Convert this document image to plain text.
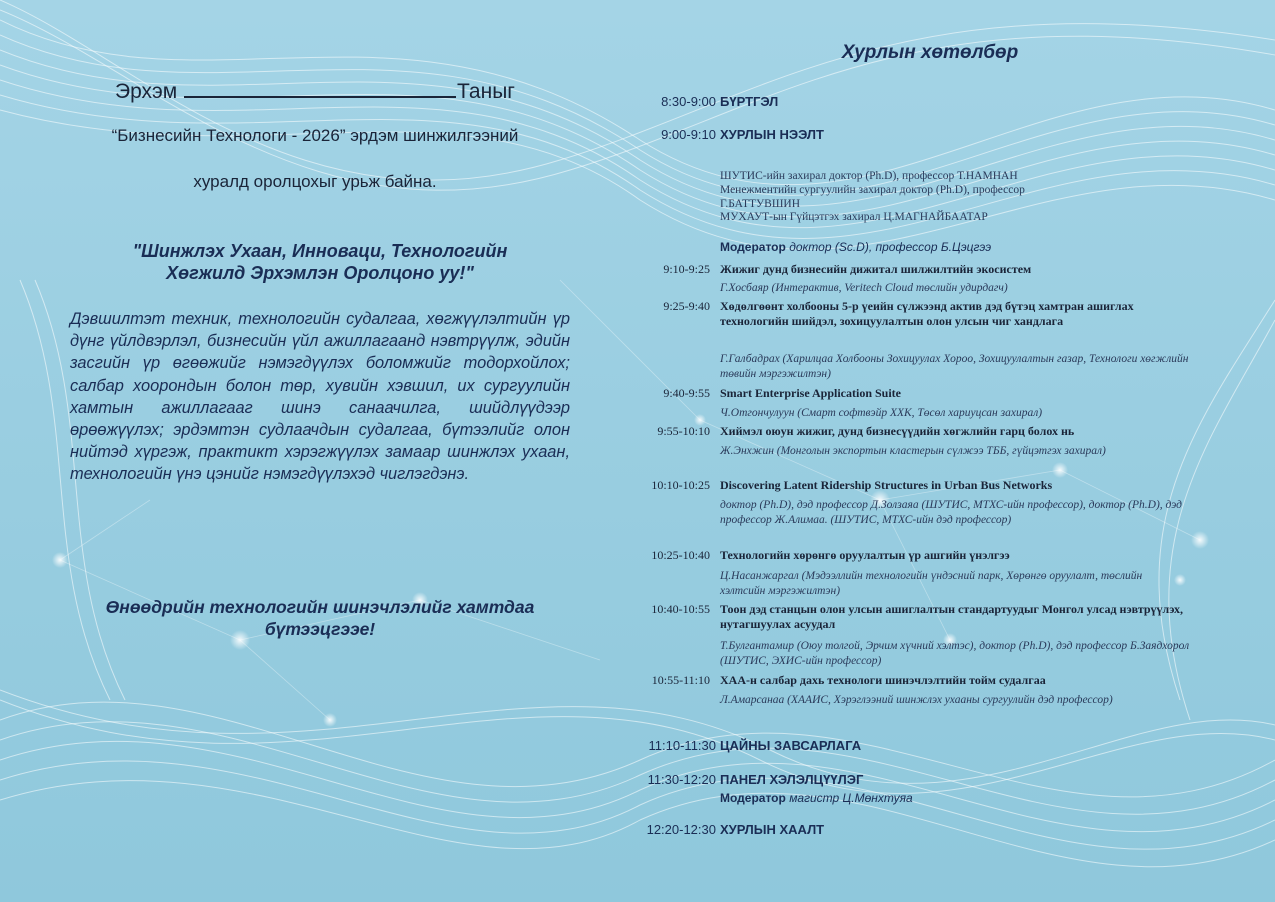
Эрхэм	Таныг
“Бизнесийн Технологи - 2026” эрдэм шинжилгээний
хуралд оролцохыг урьж байна.
"Шинжлэх Ухаан, Инноваци, Технологийн
Хөгжилд Эрхэмлэн Оролцоно уу!"
Дэвшилтэт техник, технологийн судалгаа, хөгжүүлэлтийн үр дүнг үйлдвэрлэл, бизнесийн үйл ажиллагаанд нэвтрүүлж, эдийн засгийн үр өгөөжийг нэмэгдүүлэх боломжийг тодорхойлох; салбар хоорондын болон төр, хувийн хэвшил, их сургуулийн хамтын ажиллагааг шинэ санаачилга, шийдлүүдээр өрөөжүүлэх; эрдэмтэн судлаачдын судалгаа, бүтээлийг олон нийтэд хүргэж, практикт хэрэгжүүлэх замаар шинжлэх ухаан, технологийн үнэ цэнийг нэмэгдүүлэхэд чиглэгдэнэ.
Өнөөдрийн технологийн шинэчлэлийг хамтдаа
бүтээцгээе!
Хурлын хөтөлбөр
8:30-9:00 БҮРТГЭЛ
9:00-9:10 ХУРЛЫН НЭЭЛТ
ШУТИС-ийн захирал доктор (Ph.D), профессор Т.НАМНАН
Менежментийн сургуулийн захирал доктор (Ph.D), профессор
Г.БАТТУВШИН
МУХАУТ-ын Гүйцэтгэх захирал Ц.МАГНАЙБААТАР
Модератор доктор (Sc.D), профессор Б.Цэцгээ
9:10-9:25 Жижиг дунд бизнесийн дижитал шилжилтийн экосистем
Г.Хосбаяр (Интерактив, Veritech Cloud төслийн удирдагч)
9:25-9:40 Хөдөлгөөнт холбооны 5-р үеийн сүлжээнд актив дэд бүтэц хамтран ашиглах технологийн шийдэл, зохицуулалтын олон улсын чиг хандлага
Г.Галбадрах (Харилцаа Холбооны Зохицуулах Хороо, Зохицуулалтын газар, Технологи хөгжлийн төвийн мэргэжилтэн)
9:40-9:55 Smart Enterprise Application Suite
Ч.Отгончулуун (Смарт софтвэйр ХХК, Төсөл хариуцсан захирал)
9:55-10:10 Хиймэл оюун жижиг, дунд бизнесүүдийн хөгжлийн гарц болох нь
Ж.Энхжин (Монголын экспортын кластерын сүлжээ ТББ, гүйцэтгэх захирал)
10:10-10:25 Discovering Latent Ridership Structures in Urban Bus Networks
доктор (Ph.D), дэд профессор Д.Золзаяа (ШУТИС, МТХС-ийн профессор), доктор (Ph.D), дэд профессор Ж.Алимаа. (ШУТИС, МТХС-ийн дэд профессор)
10:25-10:40 Технологийн хөрөнгө оруулалтын үр ашгийн үнэлгээ
Ц.Насанжаргал (Мэдээллийн технологийн үндэсний парк, Хөрөнгө оруулалт, төслийн хэлтсийн мэргэжилтэн)
10:40-10:55 Тоон дэд станцын олон улсын ашиглалтын стандартуудыг Монгол улсад нэвтрүүлэх, нутагшуулах асуудал
Т.Булгантамир (Оюу толгой, Эрчим хүчний хэлтэс), доктор (Ph.D), дэд профессор Б.Заядхорол (ШУТИС, ЭХИС-ийн профессор)
10:55-11:10 ХАА-н салбар дахь технологи шинэчлэлтийн тойм судалгаа
Л.Амарсанаа (ХААИС, Хэрэглээний шинжлэх ухааны сургуулийн дэд профессор)
11:10-11:30 ЦАЙНЫ ЗАВСАРЛАГА
11:30-12:20 ПАНЕЛ ХЭЛЭЛЦҮҮЛЭГ
Модератор магистр Ц.Мөнхтуяа
12:20-12:30 ХУРЛЫН ХААЛТ
